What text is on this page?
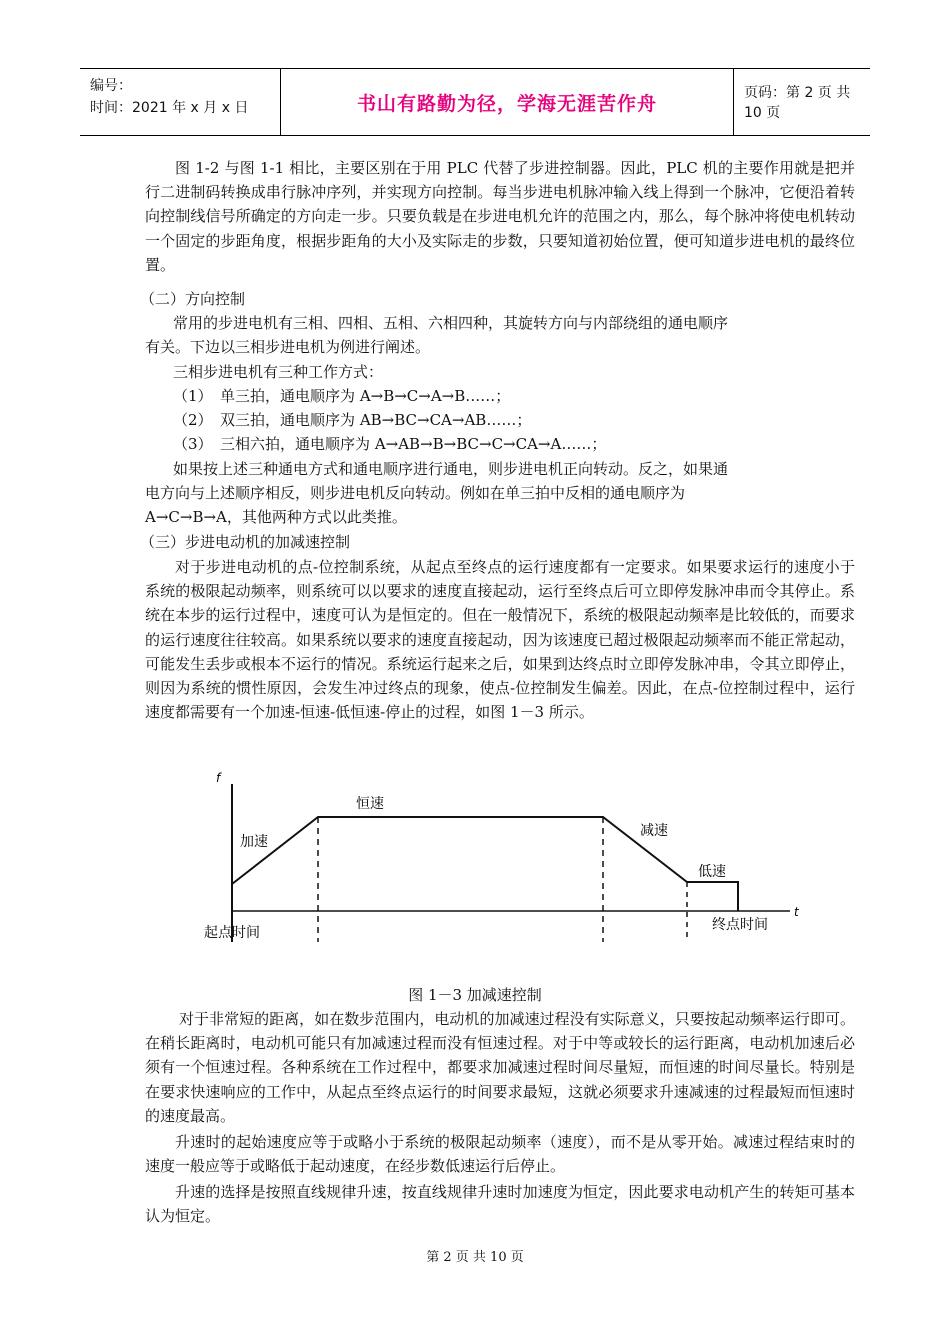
编号：
时间：2021 年 x 月 x 日	书山有路勤为径，学海无涯苦作舟	页码：第 2 页 共 10 页

图 1-2 与图 1-1 相比，主要区别在于用 PLC 代替了步进控制器。因此，PLC 机的主要作用就是把并行二进制码转换成串行脉冲序列，并实现方向控制。每当步进电机脉冲输入线上得到一个脉冲，它便沿着转向控制线信号所确定的方向走一步。只要负载是在步进电机允许的范围之内，那么，每个脉冲将使电机转动一个固定的步距角度，根据步距角的大小及实际走的步数，只要知道初始位置，便可知道步进电机的最终位置。

（二）方向控制
常用的步进电机有三相、四相、五相、六相四种，其旋转方向与内部绕组的通电顺序
有关。下边以三相步进电机为例进行阐述。
三相步进电机有三种工作方式：
（1）　单三拍，通电顺序为 A→B→C→A→B……；
（2）　双三拍，通电顺序为 AB→BC→CA→AB……；
（3）　三相六拍，通电顺序为 A→AB→B→BC→C→CA→A……；
如果按上述三种通电方式和通电顺序进行通电，则步进电机正向转动。反之，如果通
电方向与上述顺序相反，则步进电机反向转动。例如在单三拍中反相的通电顺序为
A→C→B→A，其他两种方式以此类推。
（三）步进电动机的加减速控制

对于步进电动机的点-位控制系统，从起点至终点的运行速度都有一定要求。如果要求运行的速度小于系统的极限起动频率，则系统可以以要求的速度直接起动，运行至终点后可立即停发脉冲串而令其停止。系统在本步的运行过程中，速度可认为是恒定的。但在一般情况下，系统的极限起动频率是比较低的，而要求的运行速度往往较高。如果系统以要求的速度直接起动，因为该速度已超过极限起动频率而不能正常起动，可能发生丢步或根本不运行的情况。系统运行起来之后，如果到达终点时立即停发脉冲串，令其立即停止，则因为系统的惯性原因，会发生冲过终点的现象，使点-位控制发生偏差。因此，在点-位控制过程中，运行速度都需要有一个加速-恒速-低恒速-停止的过程，如图 1－3 所示。

f
t
加速
恒速
减速
低速
起点时间	终点时间
图 1－3 加减速控制

对于非常短的距离，如在数步范围内，电动机的加减速过程没有实际意义，只要按起动频率运行即可。在稍长距离时，电动机可能只有加减速过程而没有恒速过程。对于中等或较长的运行距离，电动机加速后必须有一个恒速过程。各种系统在工作过程中，都要求加减速过程时间尽量短，而恒速的时间尽量长。特别是在要求快速响应的工作中，从起点至终点运行的时间要求最短，这就必须要求升速减速的过程最短而恒速时的速度最高。

升速时的起始速度应等于或略小于系统的极限起动频率（速度），而不是从零开始。减速过程结束时的速度一般应等于或略低于起动速度，在经步数低速运行后停止。

升速的选择是按照直线规律升速，按直线规律升速时加速度为恒定，因此要求电动机产生的转矩可基本认为恒定。

第 2 页 共 10 页
